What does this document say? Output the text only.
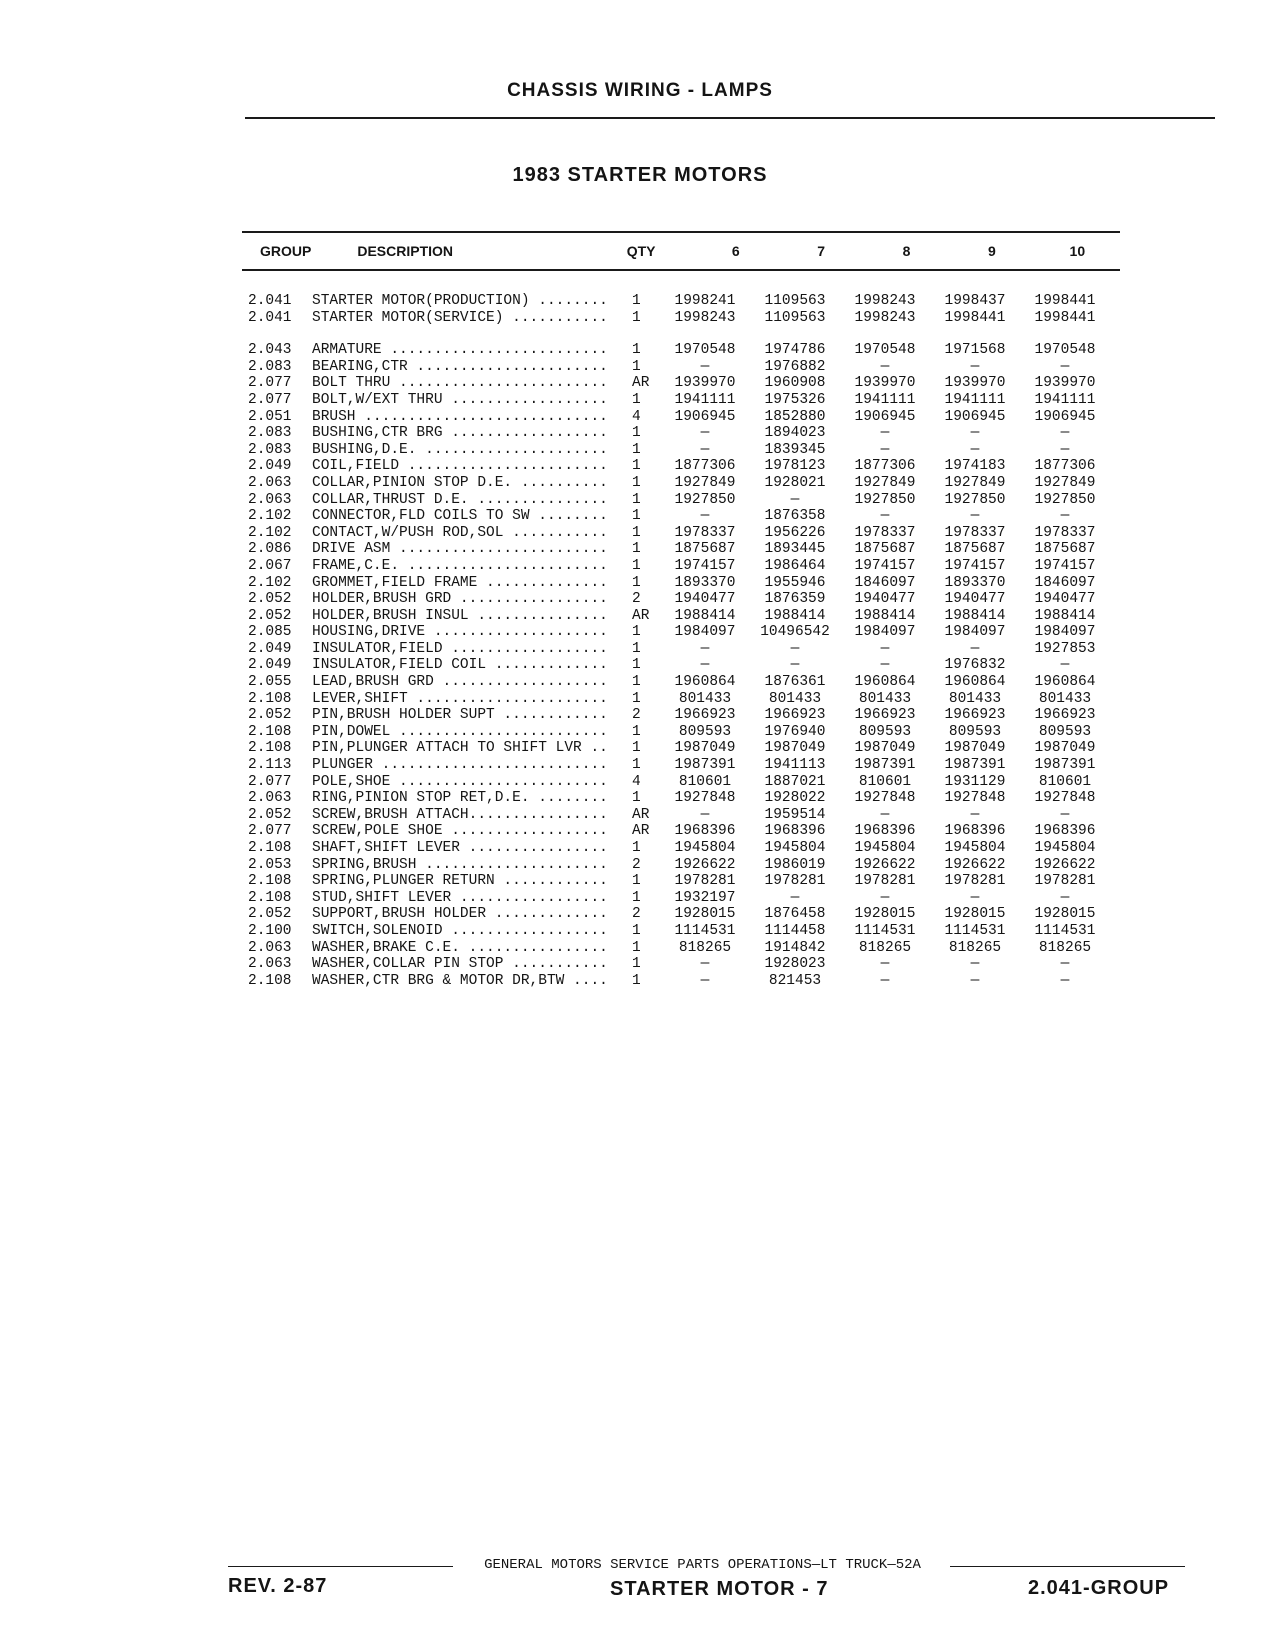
CHASSIS WIRING - LAMPS
1983 STARTER MOTORS
GROUP	DESCRIPTION	QTY	6	7	8	9	10
2.041	STARTER MOTOR(PRODUCTION) ........	1	1998241	1109563	1998243	1998437	1998441
2.041	STARTER MOTOR(SERVICE) ...........	1	1998243	1109563	1998243	1998441	1998441
2.043	ARMATURE .........................	1	1970548	1974786	1970548	1971568	1970548
2.083	BEARING,CTR ......................	1	—	1976882	—	—	—
2.077	BOLT THRU ........................	AR	1939970	1960908	1939970	1939970	1939970
2.077	BOLT,W/EXT THRU ..................	1	1941111	1975326	1941111	1941111	1941111
2.051	BRUSH ............................	4	1906945	1852880	1906945	1906945	1906945
2.083	BUSHING,CTR BRG ..................	1	—	1894023	—	—	—
2.083	BUSHING,D.E. .....................	1	—	1839345	—	—	—
2.049	COIL,FIELD .......................	1	1877306	1978123	1877306	1974183	1877306
2.063	COLLAR,PINION STOP D.E. ..........	1	1927849	1928021	1927849	1927849	1927849
2.063	COLLAR,THRUST D.E. ...............	1	1927850	—	1927850	1927850	1927850
2.102	CONNECTOR,FLD COILS TO SW ........	1	—	1876358	—	—	—
2.102	CONTACT,W/PUSH ROD,SOL ...........	1	1978337	1956226	1978337	1978337	1978337
2.086	DRIVE ASM ........................	1	1875687	1893445	1875687	1875687	1875687
2.067	FRAME,C.E. .......................	1	1974157	1986464	1974157	1974157	1974157
2.102	GROMMET,FIELD FRAME ..............	1	1893370	1955946	1846097	1893370	1846097
2.052	HOLDER,BRUSH GRD .................	2	1940477	1876359	1940477	1940477	1940477
2.052	HOLDER,BRUSH INSUL ...............	AR	1988414	1988414	1988414	1988414	1988414
2.085	HOUSING,DRIVE ....................	1	1984097	10496542	1984097	1984097	1984097
2.049	INSULATOR,FIELD ..................	1	—	—	—	—	1927853
2.049	INSULATOR,FIELD COIL .............	1	—	—	—	1976832	—
2.055	LEAD,BRUSH GRD ...................	1	1960864	1876361	1960864	1960864	1960864
2.108	LEVER,SHIFT ......................	1	801433	801433	801433	801433	801433
2.052	PIN,BRUSH HOLDER SUPT ............	2	1966923	1966923	1966923	1966923	1966923
2.108	PIN,DOWEL ........................	1	809593	1976940	809593	809593	809593
2.108	PIN,PLUNGER ATTACH TO SHIFT LVR ..	1	1987049	1987049	1987049	1987049	1987049
2.113	PLUNGER ..........................	1	1987391	1941113	1987391	1987391	1987391
2.077	POLE,SHOE ........................	4	810601	1887021	810601	1931129	810601
2.063	RING,PINION STOP RET,D.E. ........	1	1927848	1928022	1927848	1927848	1927848
2.052	SCREW,BRUSH ATTACH................	AR	—	1959514	—	—	—
2.077	SCREW,POLE SHOE ..................	AR	1968396	1968396	1968396	1968396	1968396
2.108	SHAFT,SHIFT LEVER ................	1	1945804	1945804	1945804	1945804	1945804
2.053	SPRING,BRUSH .....................	2	1926622	1986019	1926622	1926622	1926622
2.108	SPRING,PLUNGER RETURN ............	1	1978281	1978281	1978281	1978281	1978281
2.108	STUD,SHIFT LEVER .................	1	1932197	—	—	—	—
2.052	SUPPORT,BRUSH HOLDER .............	2	1928015	1876458	1928015	1928015	1928015
2.100	SWITCH,SOLENOID ..................	1	1114531	1114458	1114531	1114531	1114531
2.063	WASHER,BRAKE C.E. ................	1	818265	1914842	818265	818265	818265
2.063	WASHER,COLLAR PIN STOP ...........	1	—	1928023	—	—	—
2.108	WASHER,CTR BRG & MOTOR DR,BTW ....	1	—	821453	—	—	—
GENERAL MOTORS SERVICE PARTS OPERATIONS—LT TRUCK—52A
REV. 2-87	STARTER MOTOR - 7	2.041-GROUP
